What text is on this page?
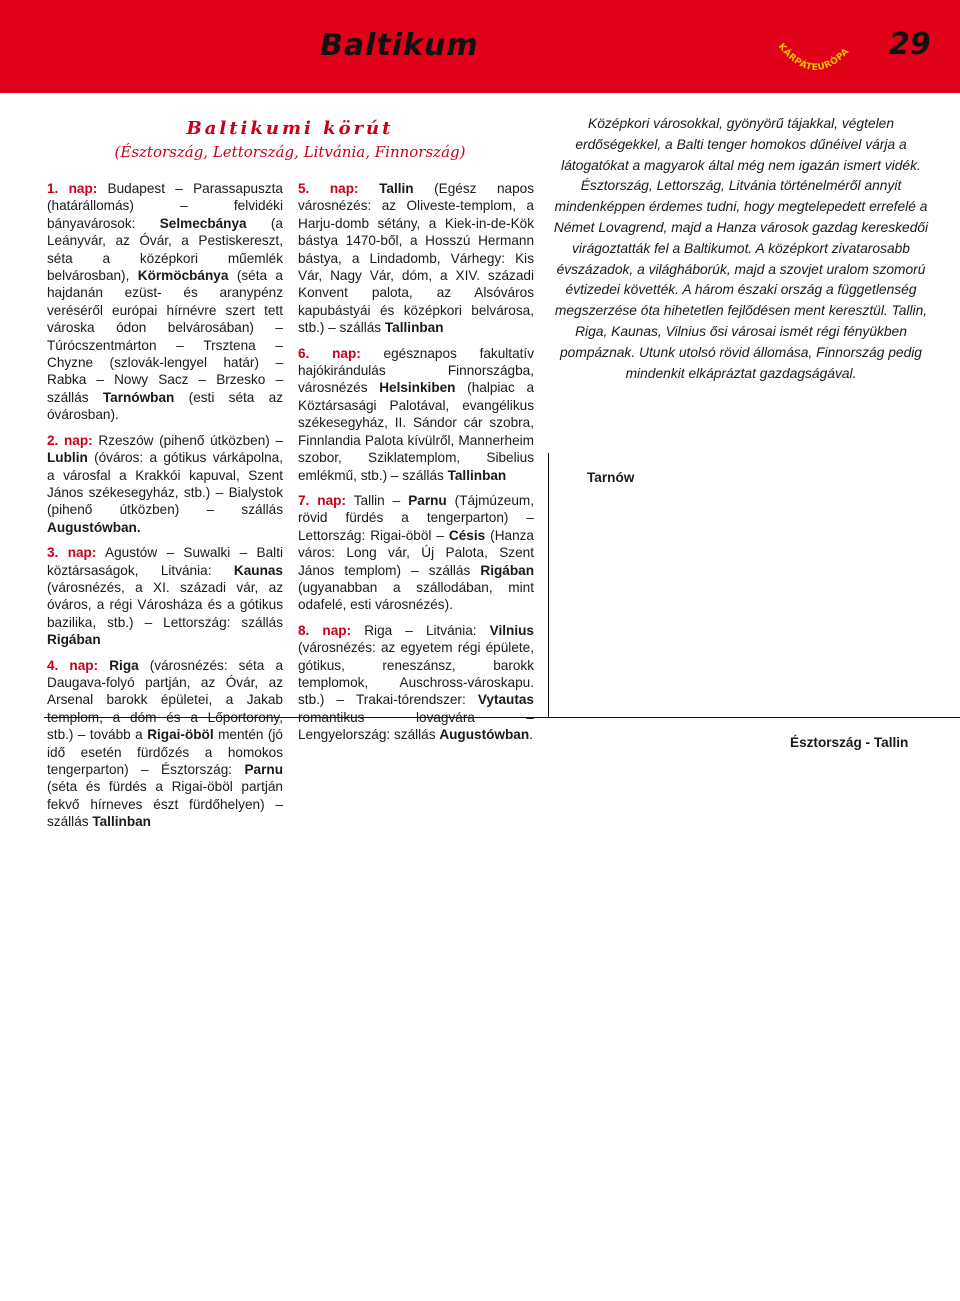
Baltikum	KÁRPÁTEURÓPA 29
Baltikumi körút
(Észtország, Lettország, Litvánia, Finnország)

1. nap: Budapest – Parassapuszta (határállomás) – felvidéki bányavárosok: Selmecbánya (a Leányvár, az Óvár, a Pestiskereszt, séta a középkori műemlék belvárosban), Körmöcbánya (séta a hajdanán ezüst- és aranypénz veréséről európai hírnévre szert tett városka ódon belvárosában) – Túrócszentmárton – Trsztena – Chyzne (szlovák-lengyel határ) – Rabka – Nowy Sacz – Brzesko – szállás Tarnówban (esti séta az óvárosban).

2. nap: Rzeszów (pihenő útközben) – Lublin (óváros: a gótikus várkápolna, a városfal a Krakkói kapuval, Szent János székesegyház, stb.) – Bialystok (pihenő útközben) – szállás Augustówban.

3. nap: Agustów – Suwalki – Balti köztársaságok, Litvánia: Kaunas (városnézés, a XI. századi vár, az óváros, a régi Városháza és a gótikus bazilika, stb.) – Lettország: szállás Rigában

4. nap: Riga (városnézés: séta a Daugava-folyó partján, az Óvár, az Arsenal barokk épületei, a Jakab templom, a dóm és a Lőportorony, stb.) – tovább a Rigai-öböl mentén (jó idő esetén fürdőzés a homokos tengerparton) – Észtország: Parnu (séta és fürdés a Rigai-öböl partján fekvő hírneves észt fürdőhelyen) – szállás Tallinban

5. nap: Tallin (Egész napos városnézés: az Oliveste-templom, a Harju-domb sétány, a Kiek-in-de-Kök bástya 1470-ből, a Hosszú Hermann bástya, a Lindadomb, Várhegy: Kis Vár, Nagy Vár, dóm, a XIV. századi Konvent palota, az Alsóváros kapubástyái és középkori belvárosa, stb.) – szállás Tallinban

6. nap: egésznapos fakultatív hajókirándulás Finnországba, városnézés Helsinkiben (halpiac a Köztársasági Palotával, evangélikus székesegyház, II. Sándor cár szobra, Finnlandia Palota kívülről, Mannerheim szobor, Sziklatemplom, Sibelius emlékmű, stb.) – szállás Tallinban

7. nap: Tallin – Parnu (Tájmúzeum, rövid fürdés a tengerparton) – Lettország: Rigai-öböl – Césis (Hanza város: Long vár, Új Palota, Szent János templom) – szállás Rigában (ugyanabban a szállodában, mint odafelé, esti városnézés).

8. nap: Riga – Litvánia: Vilnius (városnézés: az egyetem régi épülete, gótikus, reneszánsz, barokk templomok, Auschross-városkapu. stb.) – Trakai-tórendszer: Vytautas romantikus lovagvára – Lengyelország: szállás Augustówban.

Középkori városokkal, gyönyörű tájakkal, végtelen erdőségekkel, a Balti tenger homokos dűnéivel várja a látogatókat a magyarok által még nem igazán ismert vidék. Észtország, Lettország, Litvánia történelméről annyit mindenképpen érdemes tudni, hogy megtelepedett errefelé a Német Lovagrend, majd a Hanza városok gazdag kereskedői virágoztatták fel a Baltikumot. A középkort zivatarosabb évszázadok, a világháborúk, majd a szovjet uralom szomorú évtizedei követték. A három északi ország a függetlenség megszerzése óta hihetetlen fejlődésen ment keresztül. Tallin, Riga, Kaunas, Vilnius ősi városai ismét régi fényükben pompáznak. Utunk utolsó rövid állomása, Finnország pedig mindenkit elkápráztat gazdagságával.
Tarnów
Észtország - Tallin
